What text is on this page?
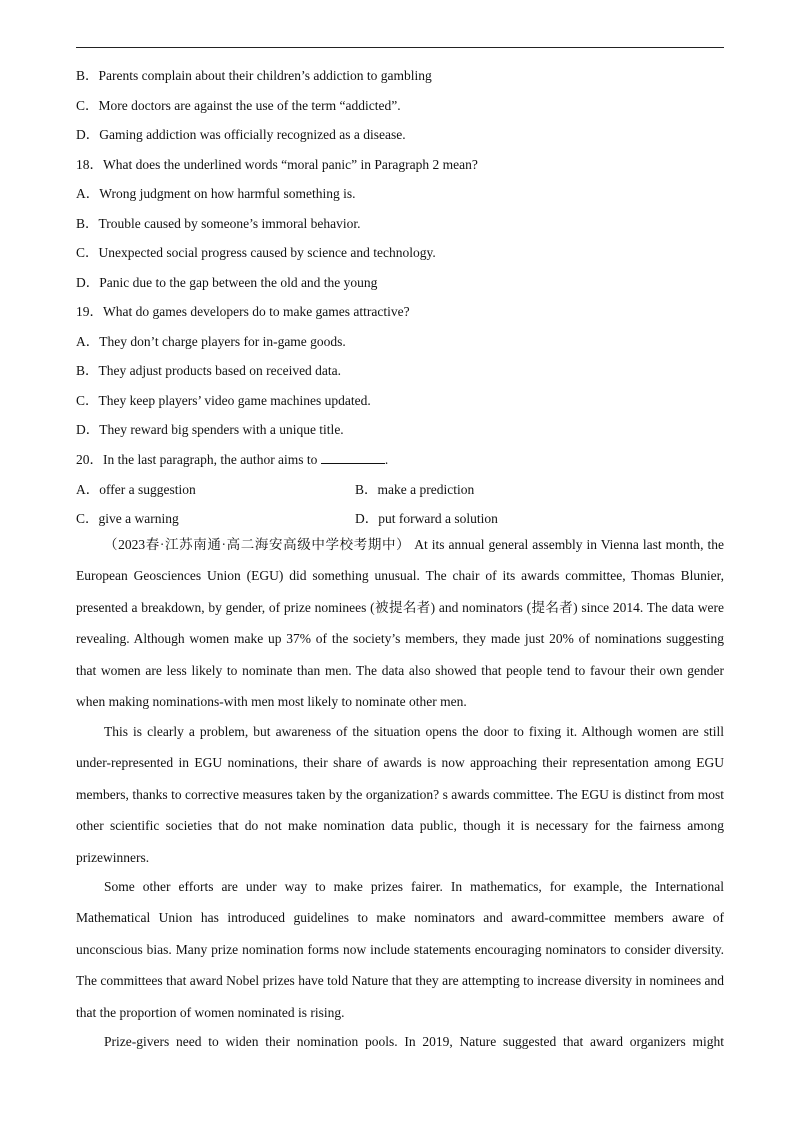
B．Parents complain about their children’s addiction to gambling
C．More doctors are against the use of the term “addicted”.
D．Gaming addiction was officially recognized as a disease.
18．What does the underlined words “moral panic” in Paragraph 2 mean?
A．Wrong judgment on how harmful something is.
B．Trouble caused by someone’s immoral behavior.
C．Unexpected social progress caused by science and technology.
D．Panic due to the gap between the old and the young
19．What do games developers do to make games attractive?
A．They don’t charge players for in-game goods.
B．They adjust products based on received data.
C．They keep players’ video game machines updated.
D．They reward big spenders with a unique title.
20．In the last paragraph, the author aims to	.
A．offer a suggestion	B．make a prediction
C．give a warning	D．put forward a solution

（2023春·江苏南通·高二海安高级中学校考期中） At its annual general assembly in Vienna last month, the European Geosciences Union (EGU) did something unusual. The chair of its awards committee, Thomas Blunier, presented a breakdown, by gender, of prize nominees (被提名者) and nominators (提名者) since 2014. The data were revealing. Although women make up 37% of the society’s members, they made just 20% of nominations suggesting that women are less likely to nominate than men. The data also showed that people tend to favour their own gender when making nominations-with men most likely to nominate other men.

This is clearly a problem, but awareness of the situation opens the door to fixing it. Although women are still under-represented in EGU nominations, their share of awards is now approaching their representation among EGU members, thanks to corrective measures taken by the organization? s awards committee. The EGU is distinct from most other scientific societies that do not make nomination data public, though it is necessary for the fairness among prizewinners.

Some other efforts are under way to make prizes fairer. In mathematics, for example, the International Mathematical Union has introduced guidelines to make nominators and award-committee members aware of unconscious bias. Many prize nomination forms now include statements encouraging nominators to consider diversity. The committees that award Nobel prizes have told Nature that they are attempting to increase diversity in nominees and that the proportion of women nominated is rising.

Prize-givers need to widen their nomination pools. In 2019, Nature suggested that award organizers might
